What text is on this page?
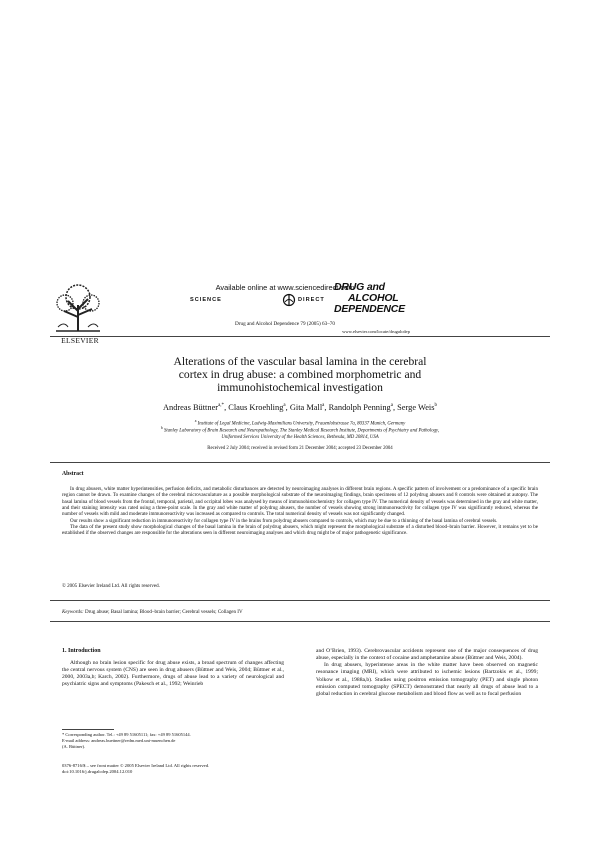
ELSEVIER
Available online at www.sciencedirect.com
SCIENCE	DIRECT
Drug and Alcohol Dependence 79 (2005) 63–70
DRUG and
ALCOHOL
DEPENDENCE
www.elsevier.com/locate/drugalcdep
Alterations of the vascular basal lamina in the cerebral
cortex in drug abuse: a combined morphometric and
immunohistochemical investigation
Andreas Büttner$^{a,*}$, Claus Kroehling$^a$, Gita Mall$^a$, Randolph Penning$^a$, Serge Weis$^b$
$^a$ Institute of Legal Medicine, Ludwig-Maximilians University, Frauenlobstrasse 7a, 80337 Munich, Germany
$^b$ Stanley Laboratory of Brain Research and Neuropathology, The Stanley Medical Research Institute, Departments of Psychiatry and Pathology,
Uniformed Services University of the Health Sciences, Bethesda, MD 20814, USA
Received 2 July 2004; received in revised form 21 December 2004; accepted 23 December 2004
Abstract

In drug abusers, white matter hyperintensities, perfusion deficits, and metabolic disturbances are detected by neuroimaging analyses in different brain regions. A specific pattern of involvement or a predominance of a specific brain region cannot be drawn. To examine changes of the cerebral microvasculature as a possible morphological substrate of the neuroimaging findings, brain specimens of 12 polydrug abusers and 8 controls were obtained at autopsy. The basal lamina of blood vessels from the frontal, temporal, parietal, and occipital lobes was analysed by means of immunohistochemistry for collagen type IV. The numerical density of vessels was determined in the gray and white matter, and their staining intensity was rated using a three-point scale. In the gray and white matter of polydrug abusers, the number of vessels showing strong immunoreactivity for collagen type IV was significantly reduced, whereas the number of vessels with mild and moderate immunoreactivity was increased as compared to controls. The total numerical density of vessels was not significantly changed.

Our results show a significant reduction in immunoreactivity for collagen type IV in the brains from polydrug abusers compared to controls, which may be due to a thinning of the basal lamina of cerebral vessels.

The data of the present study show morphological changes of the basal lamina in the brain of polydrug abusers, which might represent the morphological substrate of a disturbed blood–brain barrier. However, it remains yet to be established if the observed changes are responsible for the alterations seen in different neuroimaging analyses and which drug might be of major pathogenetic significance.

© 2005 Elsevier Ireland Ltd. All rights reserved.
Keywords: Drug abuse; Basal lamina; Blood–brain barrier; Cerebral vessels; Collagen IV
1. Introduction

Although no brain lesion specific for drug abuse exists, a broad spectrum of changes affecting the central nervous system (CNS) are seen in drug abusers (Büttner and Weis, 2004; Büttner et al., 2000, 2003a,b; Karch, 2002). Furthermore, drugs of abuse lead to a variety of neurological and psychiatric signs and symptoms (Pakesch et al., 1992; Weinrieb

and O’Brien, 1993). Cerebrovascular accidents represent one of the major consequences of drug abuse, especially in the context of cocaine and amphetamine abuse (Büttner and Weis, 2004).

In drug abusers, hyperintense areas in the white matter have been observed on magnetic resonance imaging (MRI), which were attributed to ischemic lesions (Bartzokis et al., 1999; Volkow et al., 1988a,b). Studies using positron emission tomography (PET) and single photon emission computed tomography (SPECT) demonstrated that nearly all drugs of abuse lead to a global reduction in cerebral glucose metabolism and blood flow as well as to focal perfusion

* Corresponding author. Tel.: +49 89 51605111; fax: +49 89 51605144.
E-mail address: andreas.buettner@redm.med.uni-muenchen.de
(A. Büttner).
0376-8716/$ – see front matter © 2005 Elsevier Ireland Ltd. All rights reserved.
doi:10.1016/j.drugalcdep.2004.12.010
